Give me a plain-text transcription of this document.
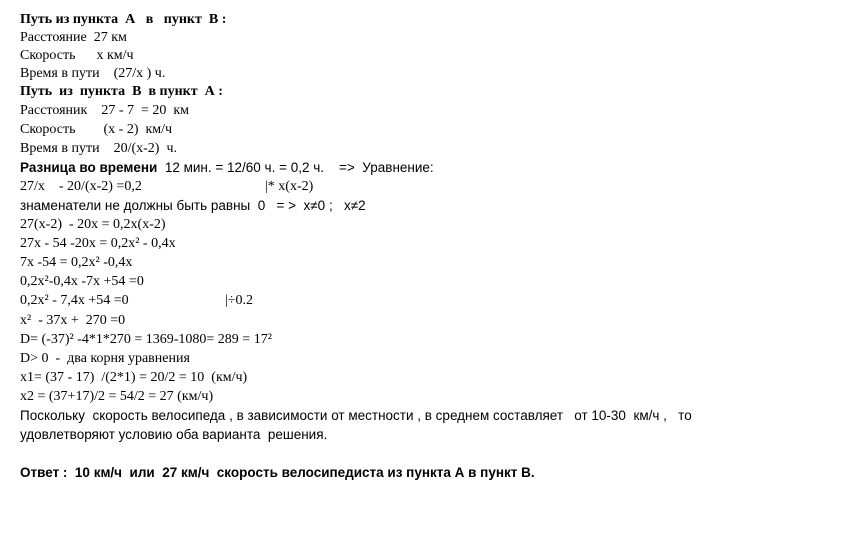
Путь из пункта  А   в   пункт  В :
Расстояние  27 км
Скорость      х км/ч
Время в пути    (27/х ) ч.
Путь  из  пункта  В  в пункт  А :
Расстояник    27 - 7  = 20  км
Скорость        (х - 2)  км/ч
Время в пути    20/(х-2)  ч.
Разница во времени  12 мин. = 12/60 ч. = 0,2 ч.    =>  Уравнение:
27/х    - 20/(х-2) =0,2	|* х(х-2)
знаменатели не должны быть равны  0   = >  х≠0 ;   х≠2
27(х-2)  - 20х = 0,2х(х-2)
27х - 54 -20х = 0,2х² - 0,4х
7х -54 = 0,2х² -0,4х
0,2х²-0,4х -7х +54 =0
0,2х² - 7,4х +54 =0	|÷0.2
х²  - 37х +  270 =0
D= (-37)² -4*1*270 = 1369-1080= 289 = 17²
D> 0  -  два корня уравнения
х1= (37 - 17)  /(2*1) = 20/2 = 10  (км/ч)
х2 = (37+17)/2 = 54/2 = 27 (км/ч)
Поскольку  скорость велосипеда , в зависимости от местности , в среднем составляет   от 10-30  км/ч ,   то
удовлетворяют условию оба варианта  решения.
Ответ :  10 км/ч  или  27 км/ч  скорость велосипедиста из пункта А в пункт В.
